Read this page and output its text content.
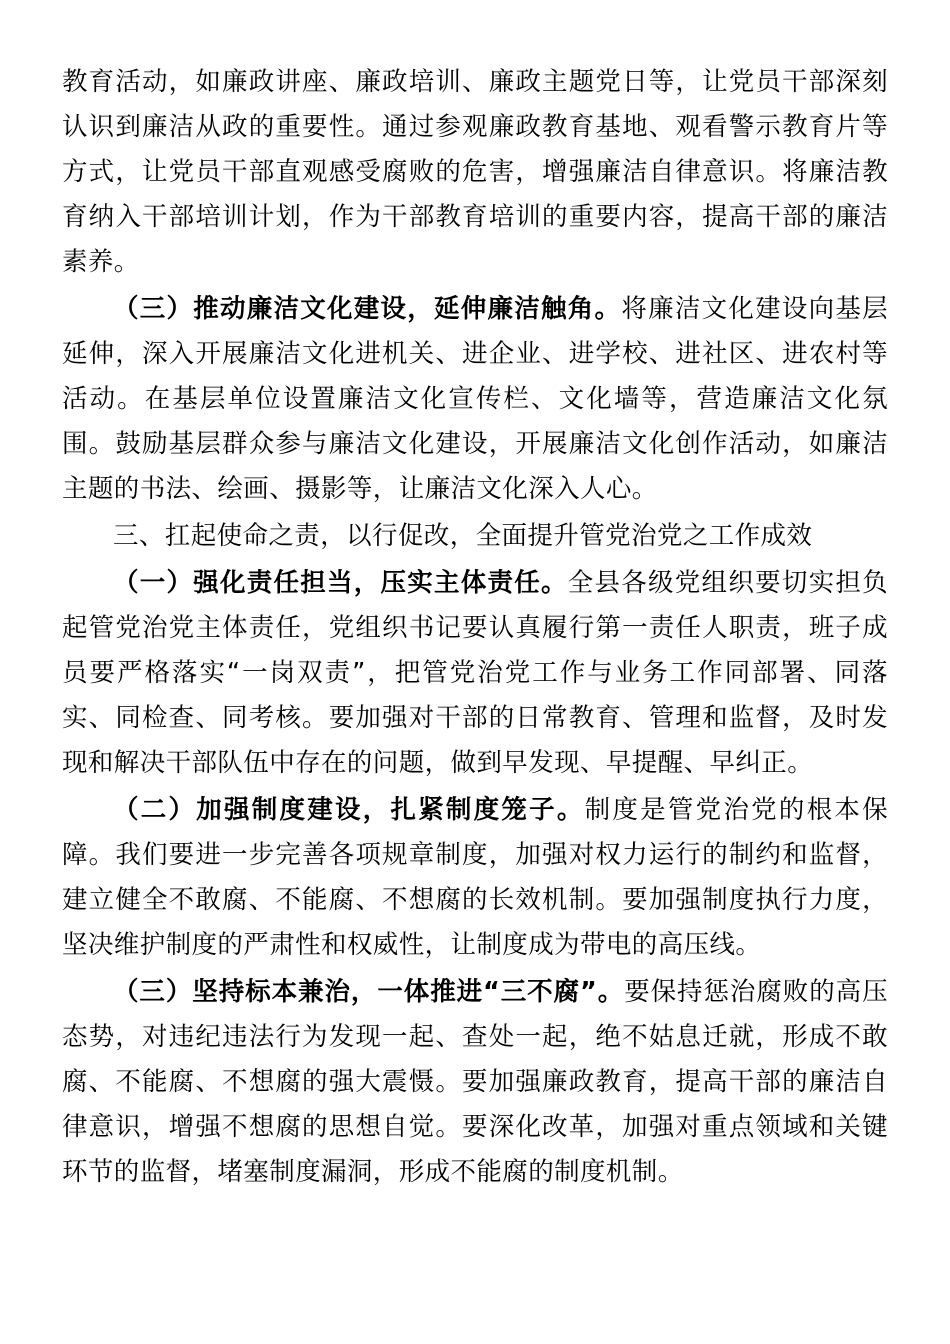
教育活动，如廉政讲座、廉政培训、廉政主题党日等，让党员干部深刻认识到廉洁从政的重要性。通过参观廉政教育基地、观看警示教育片等方式，让党员干部直观感受腐败的危害，增强廉洁自律意识。将廉洁教育纳入干部培训计划，作为干部教育培训的重要内容，提高干部的廉洁素养。

（三）推动廉洁文化建设，延伸廉洁触角。将廉洁文化建设向基层延伸，深入开展廉洁文化进机关、进企业、进学校、进社区、进农村等活动。在基层单位设置廉洁文化宣传栏、文化墙等，营造廉洁文化氛围。鼓励基层群众参与廉洁文化建设，开展廉洁文化创作活动，如廉洁主题的书法、绘画、摄影等，让廉洁文化深入人心。

三、扛起使命之责，以行促改，全面提升管党治党之工作成效

（一）强化责任担当，压实主体责任。全县各级党组织要切实担负起管党治党主体责任，党组织书记要认真履行第一责任人职责，班子成员要严格落实“一岗双责”，把管党治党工作与业务工作同部署、同落实、同检查、同考核。要加强对干部的日常教育、管理和监督，及时发现和解决干部队伍中存在的问题，做到早发现、早提醒、早纠正。

（二）加强制度建设，扎紧制度笼子。制度是管党治党的根本保障。我们要进一步完善各项规章制度，加强对权力运行的制约和监督，建立健全不敢腐、不能腐、不想腐的长效机制。要加强制度执行力度，坚决维护制度的严肃性和权威性，让制度成为带电的高压线。

（三）坚持标本兼治，一体推进“三不腐”。要保持惩治腐败的高压态势，对违纪违法行为发现一起、查处一起，绝不姑息迁就，形成不敢腐、不能腐、不想腐的强大震慑。要加强廉政教育，提高干部的廉洁自律意识，增强不想腐的思想自觉。要深化改革，加强对重点领域和关键环节的监督，堵塞制度漏洞，形成不能腐的制度机制。
